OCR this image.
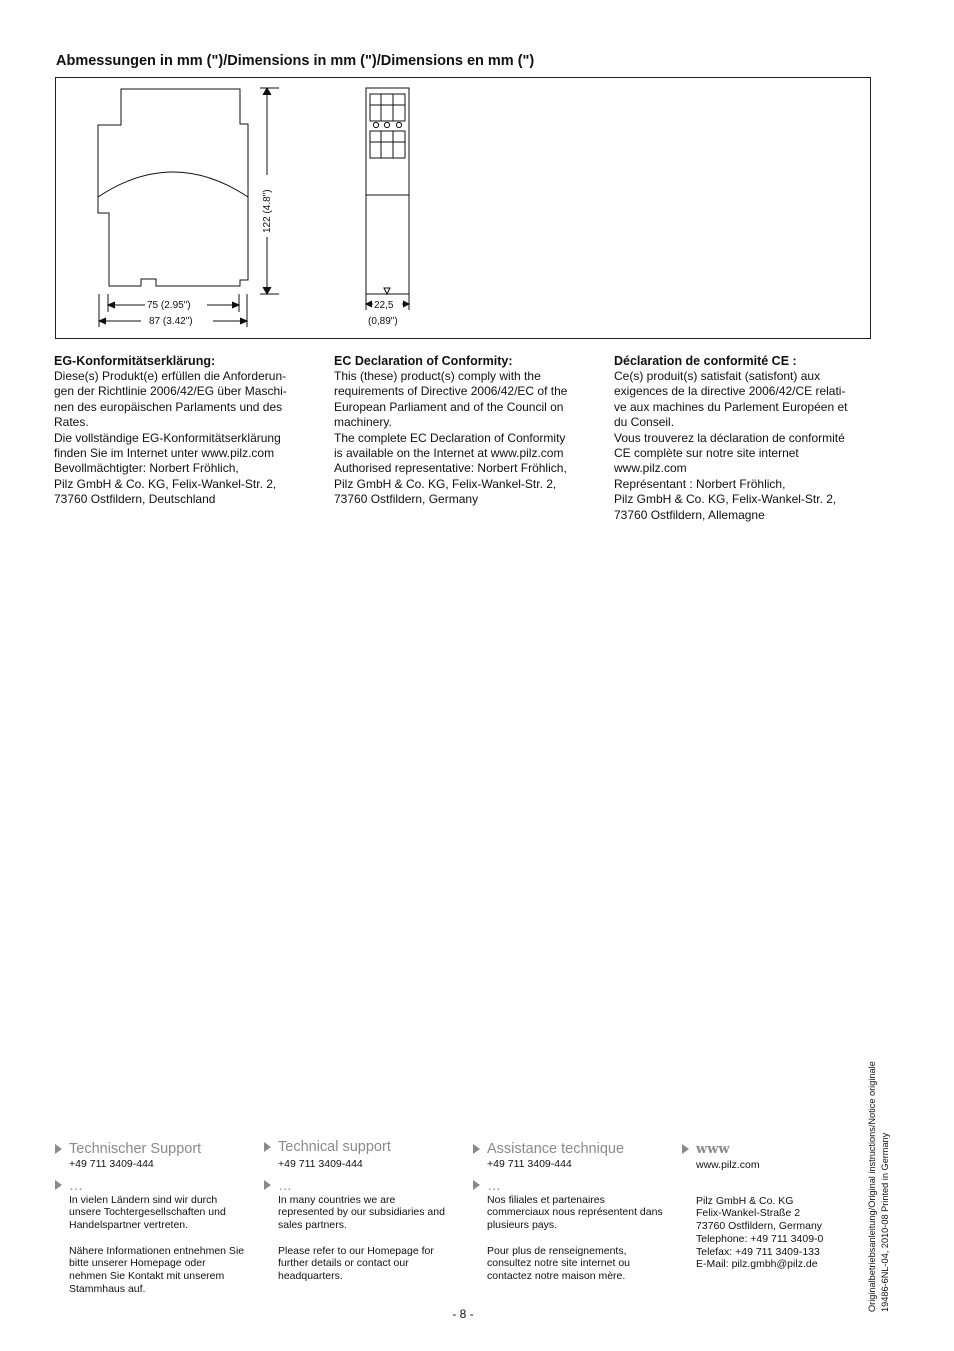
Abmessungen in mm (")/Dimensions in mm (")/Dimensions en mm (")
122 (4.8")
75 (2.95")
87 (3.42")
22,5
(0,89")
EG-Konformitätserklärung:

Diese(s) Produkt(e) erfüllen die Anforderun-

gen der Richtlinie 2006/42/EG über Maschi-

nen des europäischen Parlaments und des

Rates.

Die vollständige EG-Konformitätserklärung

finden Sie im Internet unter www.pilz.com

Bevollmächtigter: Norbert Fröhlich,

Pilz GmbH & Co. KG, Felix-Wankel-Str. 2,

73760 Ostfildern, Deutschland

EC Declaration of Conformity:

This (these) product(s) comply with the

requirements of Directive 2006/42/EC of the

European Parliament and of the Council on

machinery.

The complete EC Declaration of Conformity

is available on the Internet at www.pilz.com

Authorised representative: Norbert Fröhlich,

Pilz GmbH & Co. KG, Felix-Wankel-Str. 2,

73760 Ostfildern, Germany

Déclaration de conformité CE :

Ce(s) produit(s) satisfait (satisfont) aux

exigences de la directive 2006/42/CE relati-

ve aux machines du Parlement Européen et

du Conseil.

Vous trouverez la déclaration de conformité

CE complète sur notre site internet

www.pilz.com

Représentant : Norbert Fröhlich,

Pilz GmbH & Co. KG, Felix-Wankel-Str. 2,

73760 Ostfildern, Allemagne

Technischer Support
+49 711 3409-444
…

In vielen Ländern sind wir durch unsere Tochtergesellschaften und Handelspartner vertreten.

Nähere Informationen entnehmen Sie bitte unserer Homepage oder nehmen Sie Kontakt mit unserem Stammhaus auf.

Technical support
+49 711 3409-444
…

In many countries we are represented by our subsidiaries and sales partners.

Please refer to our Homepage for further details or contact our headquarters.

Assistance technique
+49 711 3409-444
…

Nos filiales et partenaires commerciaux nous représentent dans plusieurs pays.

Pour plus de renseignements, consultez notre site internet ou contactez notre maison mère.

www
www.pilz.com
Pilz GmbH & Co. KG
Felix-Wankel-Straße 2
73760 Ostfildern, Germany
Telephone: +49 711 3409-0
Telefax: +49 711 3409-133
E-Mail: pilz.gmbh@pilz.de
- 8 -
Originalbetriebsanleitung/Original instructions/Notice originale 19486-6NL-04, 2010-08 Printed in Germany
